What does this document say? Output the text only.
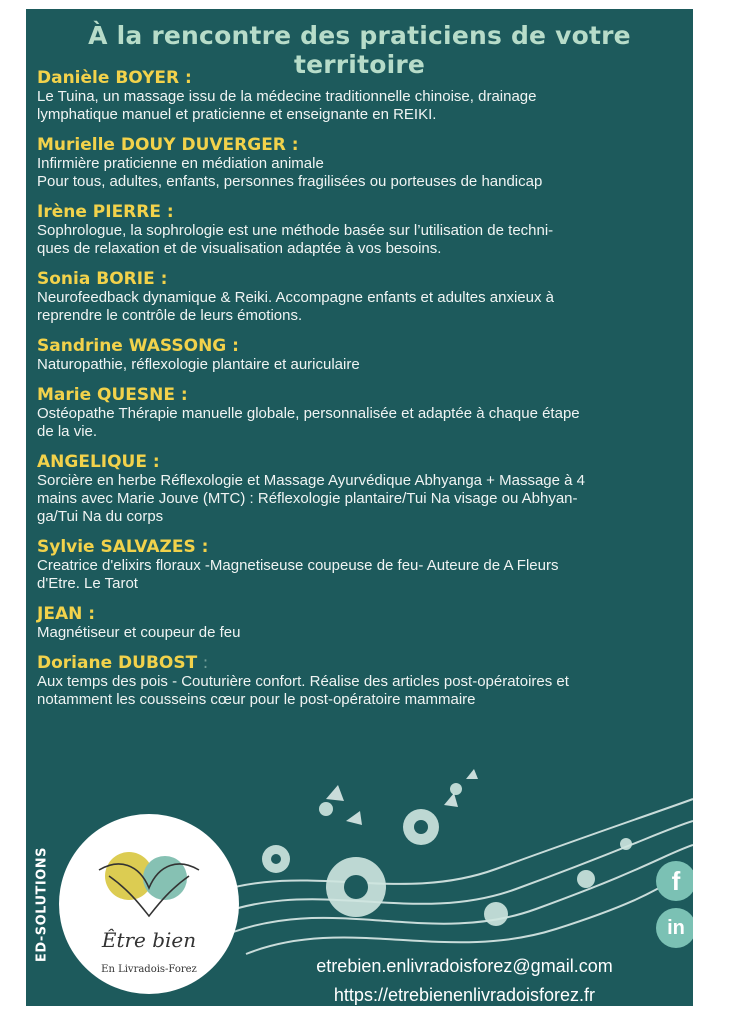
À la rencontre des praticiens de votre territoire
Danièle BOYER :
Le Tuina, un massage issu de la médecine traditionnelle chinoise, drainage
lymphatique manuel et praticienne et enseignante en REIKI.
Murielle DOUY DUVERGER :
Infirmière praticienne en médiation animale
Pour tous, adultes, enfants, personnes fragilisées ou porteuses de handicap
Irène PIERRE :
Sophrologue, la sophrologie est une méthode basée sur l’utilisation de techni-
ques de relaxation et de visualisation adaptée à vos besoins.
Sonia BORIE :
Neurofeedback dynamique & Reiki. Accompagne enfants et adultes anxieux à
reprendre le contrôle de leurs émotions.
Sandrine WASSONG :
Naturopathie, réflexologie plantaire et auriculaire
Marie QUESNE :
Ostéopathe Thérapie manuelle globale, personnalisée et adaptée à chaque étape
de la vie.
ANGELIQUE :
Sorcière en herbe Réflexologie et Massage Ayurvédique Abhyanga + Massage à 4
mains avec Marie Jouve (MTC) : Réflexologie plantaire/Tui Na visage ou Abhyan-
ga/Tui Na du corps
Sylvie SALVAZES :
Creatrice d'elixirs floraux -Magnetiseuse coupeuse de feu- Auteure de A Fleurs
d'Etre. Le Tarot
JEAN :
Magnétiseur et coupeur de feu
Doriane DUBOST :
Aux temps des pois - Couturière confort. Réalise des articles post-opératoires et
notamment les cousseins cœur pour le post-opératoire mammaire
ED-SOLUTIONS	Être bien
En Livradois-Forez
f
in
etrebien.enlivradoisforez@gmail.com
https://etrebienenlivradoisforez.fr
